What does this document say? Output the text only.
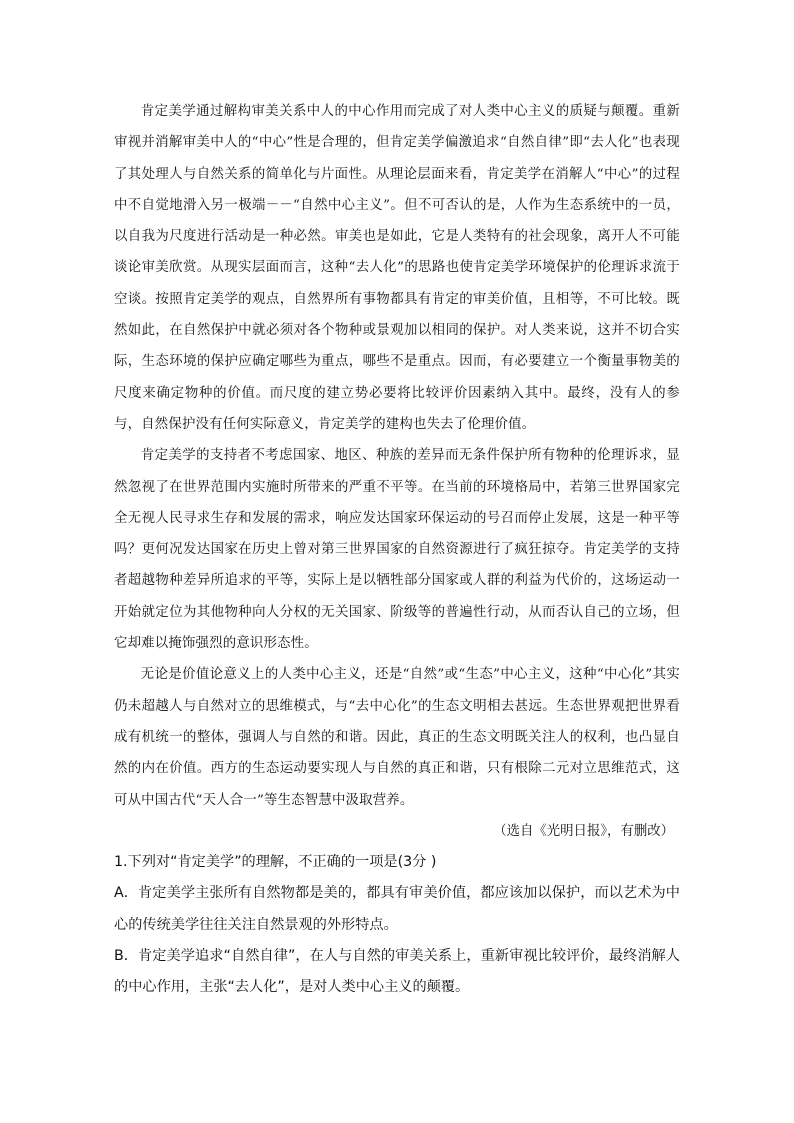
肯定美学通过解构审美关系中人的中心作用而完成了对人类中心主义的质疑与颠覆。重新审视并消解审美中人的“中心”性是合理的，但肯定美学偏激追求“自然自律”即“去人化”也表现了其处理人与自然关系的简单化与片面性。从理论层面来看，肯定美学在消解人“中心”的过程中不自觉地滑入另一极端－－“自然中心主义”。但不可否认的是，人作为生态系统中的一员，以自我为尺度进行活动是一种必然。审美也是如此，它是人类特有的社会现象，离开人不可能谈论审美欣赏。从现实层面而言，这种“去人化”的思路也使肯定美学环境保护的伦理诉求流于空谈。按照肯定美学的观点，自然界所有事物都具有肯定的审美价值，且相等，不可比较。既然如此，在自然保护中就必须对各个物种或景观加以相同的保护。对人类来说，这并不切合实际，生态环境的保护应确定哪些为重点，哪些不是重点。因而，有必要建立一个衡量事物美的尺度来确定物种的价值。而尺度的建立势必要将比较评价因素纳入其中。最终，没有人的参与，自然保护没有任何实际意义，肯定美学的建构也失去了伦理价值。

肯定美学的支持者不考虑国家、地区、种族的差异而无条件保护所有物种的伦理诉求，显然忽视了在世界范围内实施时所带来的严重不平等。在当前的环境格局中，若第三世界国家完全无视人民寻求生存和发展的需求，响应发达国家环保运动的号召而停止发展，这是一种平等吗？更何况发达国家在历史上曾对第三世界国家的自然资源进行了疯狂掠夺。肯定美学的支持者超越物种差异所追求的平等，实际上是以牺牲部分国家或人群的利益为代价的，这场运动一开始就定位为其他物种向人分权的无关国家、阶级等的普遍性行动，从而否认自己的立场，但它却难以掩饰强烈的意识形态性。

无论是价值论意义上的人类中心主义，还是“自然”或“生态”中心主义，这种“中心化”其实仍未超越人与自然对立的思维模式，与“去中心化”的生态文明相去甚远。生态世界观把世界看成有机统一的整体，强调人与自然的和谐。因此，真正的生态文明既关注人的权利，也凸显自然的内在价值。西方的生态运动要实现人与自然的真正和谐，只有根除二元对立思维范式，这可从中国古代“天人合一”等生态智慧中汲取营养。

（选自《光明日报》，有删改）

1.下列对“肯定美学”的理解，不正确的一项是(3分 )

A．肯定美学主张所有自然物都是美的，都具有审美价值，都应该加以保护，而以艺术为中心的传统美学往往关注自然景观的外形特点。

B．肯定美学追求“自然自律”，在人与自然的审美关系上，重新审视比较评价，最终消解人的中心作用，主张“去人化”，是对人类中心主义的颠覆。
